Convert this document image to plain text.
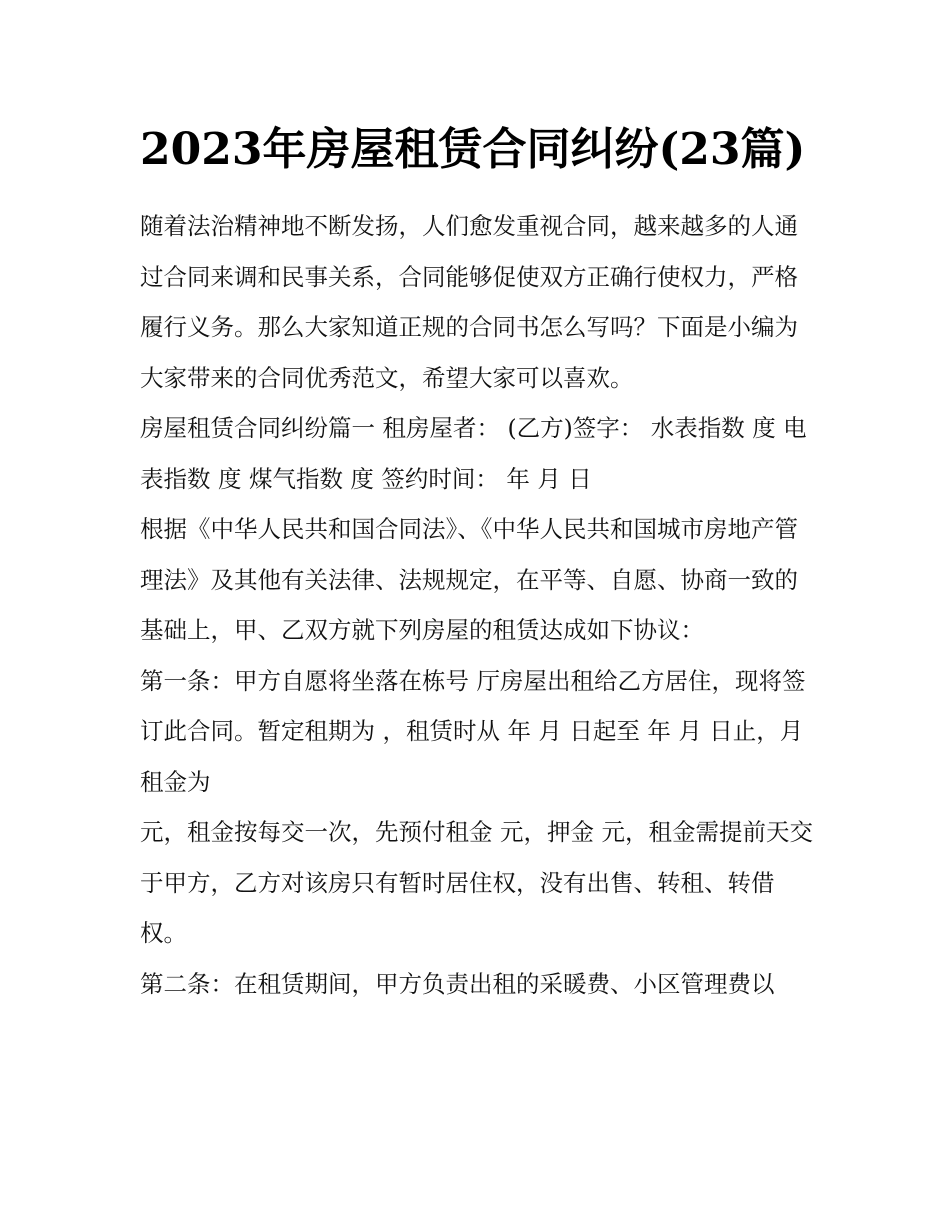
2023年房屋租赁合同纠纷(23篇)

随着法治精神地不断发扬，人们愈发重视合同，越来越多的人通过合同来调和民事关系，合同能够促使双方正确行使权力，严格履行义务。那么大家知道正规的合同书怎么写吗？下面是小编为大家带来的合同优秀范文，希望大家可以喜欢。

房屋租赁合同纠纷篇一 租房屋者： (乙方)签字： 水表指数 度 电表指数 度 煤气指数 度 签约时间： 年 月 日

根据《中华人民共和国合同法》、《中华人民共和国城市房地产管理法》及其他有关法律、法规规定，在平等、自愿、协商一致的基础上，甲、乙双方就下列房屋的租赁达成如下协议：

第一条：甲方自愿将坐落在栋号 厅房屋出租给乙方居住，现将签订此合同。暂定租期为 ，租赁时从 年 月 日起至 年 月 日止，月租金为

元，租金按每交一次，先预付租金 元，押金 元，租金需提前天交于甲方，乙方对该房只有暂时居住权，没有出售、转租、转借权。

第二条：在租赁期间，甲方负责出租的采暖费、小区管理费以
